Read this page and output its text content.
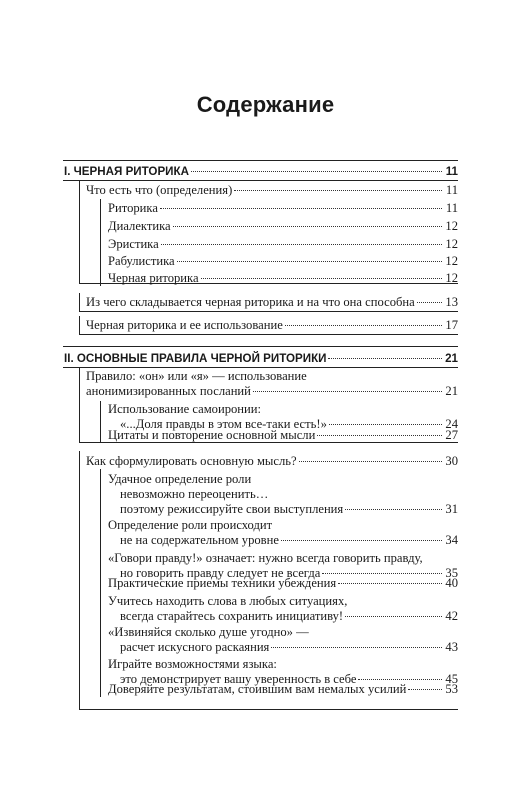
Содержание
I. ЧЕРНАЯ РИТОРИКА	11
Что есть что (определения)	11
Риторика	11
Диалектика	12
Эристика	12
Рабулистика	12
Черная риторика	12
Из чего складывается черная риторика и на что она способна 13
Черная риторика и ее использование	17
II. ОСНОВНЫЕ ПРАВИЛА ЧЕРНОЙ РИТОРИКИ	21
Правило: «он» или «я» — использование
анонимизированных посланий	21
Использование самоиронии:
«...Доля правды в этом все-таки есть!»	24
Цитаты и повторение основной мысли	27
Как сформулировать основную мысль?	30
Удачное определение роли
невозможно переоценить…
поэтому режиссируйте свои выступления	31
Определение роли происходит
не на содержательном уровне	34
«Говори правду!» означает: нужно всегда говорить правду,
но говорить правду следует не всегда	35
Практические приемы техники убеждения	40
Учитесь находить слова в любых ситуациях,
всегда старайтесь сохранить инициативу!	42
«Извиняйся сколько душе угодно» —
расчет искусного раскаяния	43
Играйте возможностями языка:
это демонстрирует вашу уверенность в себе	45
Доверяйте результатам, стоившим вам немалых усилий	53
